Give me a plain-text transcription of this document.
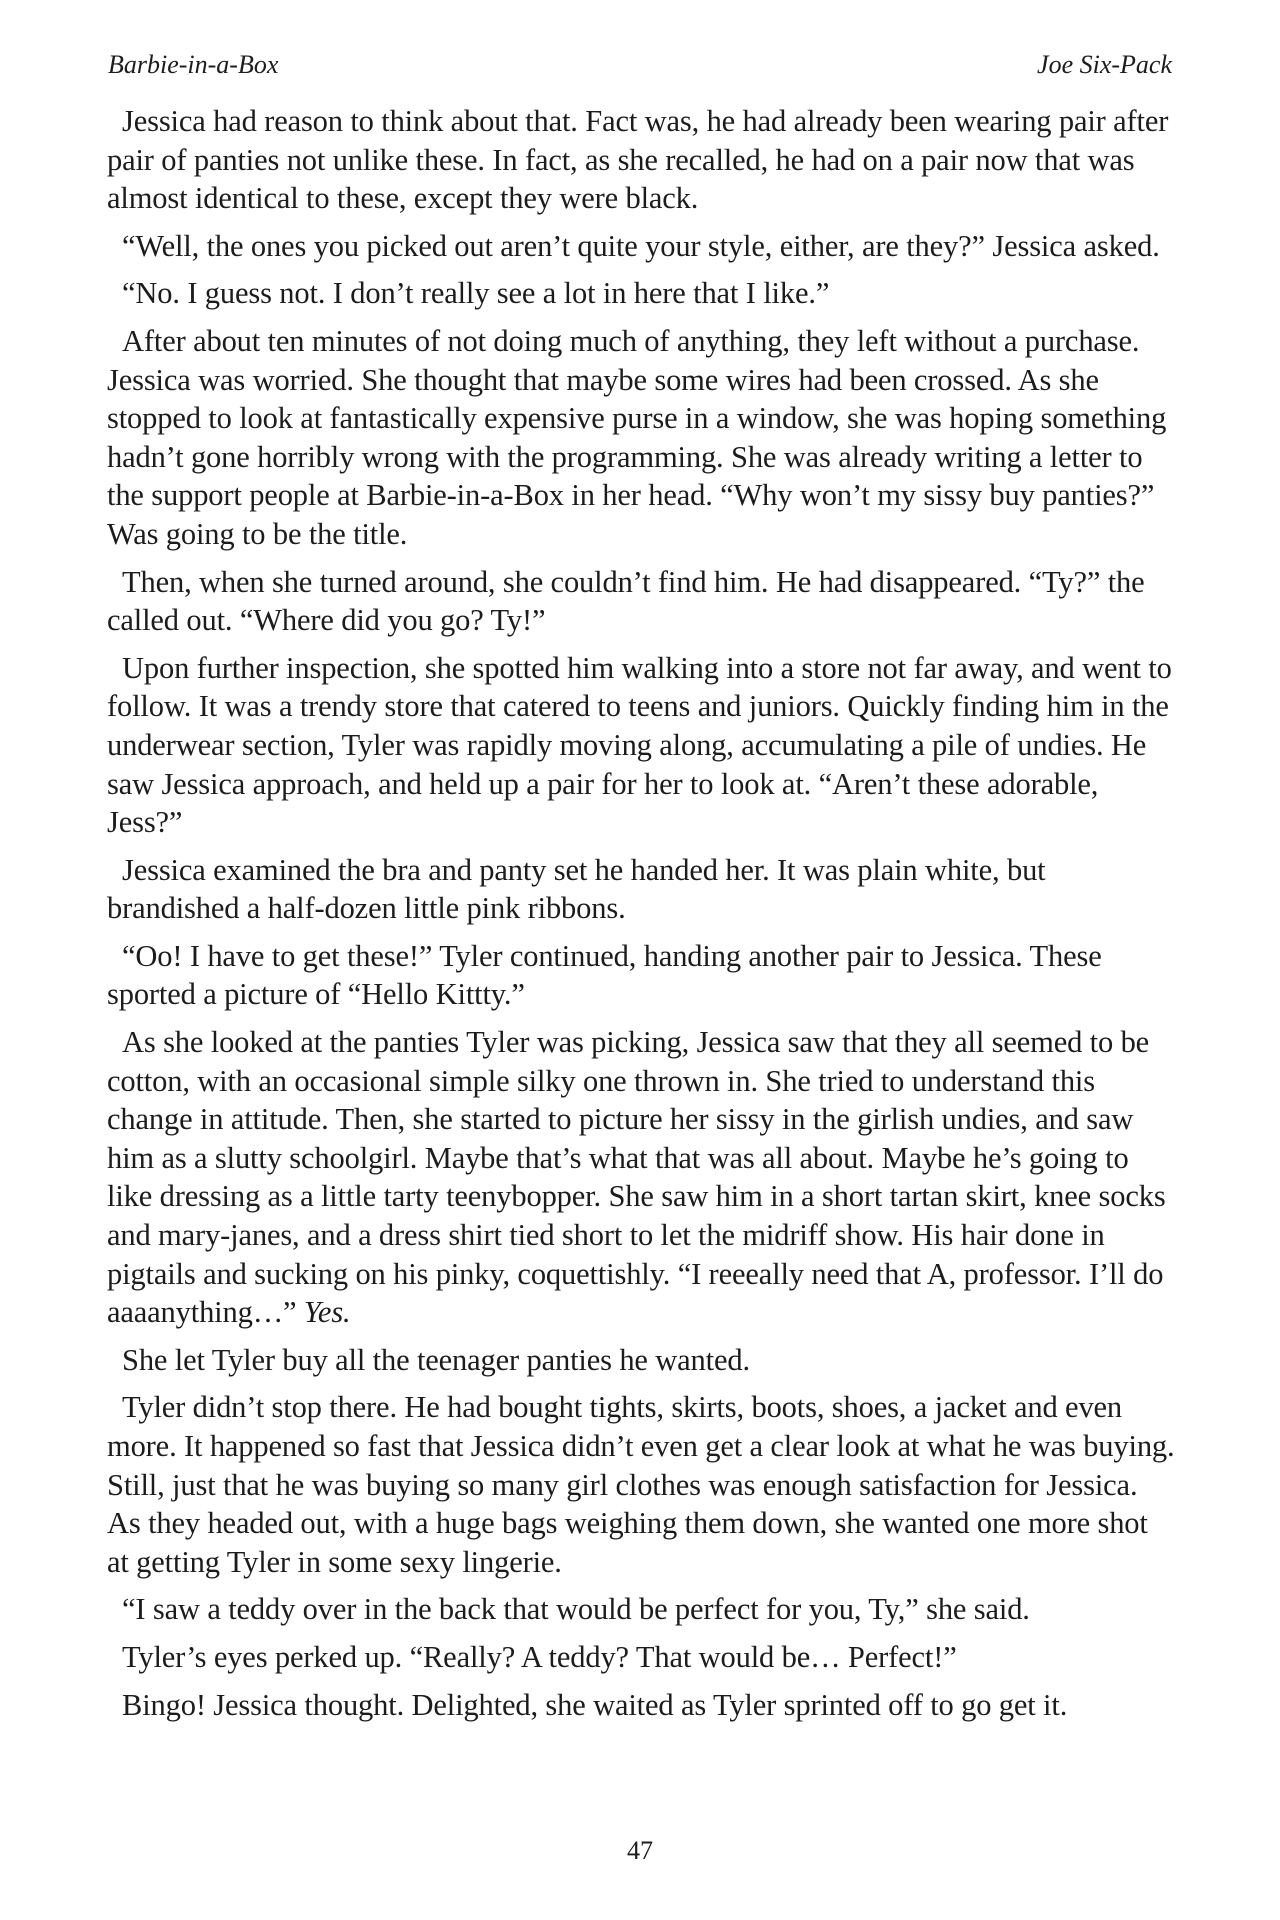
Barbie-in-a-Box	Joe Six-Pack

Jessica had reason to think about that. Fact was, he had already been wearing pair after pair of panties not unlike these. In fact, as she recalled, he had on a pair now that was almost identical to these, except they were black.

“Well, the ones you picked out aren’t quite your style, either, are they?” Jessica asked.

“No. I guess not. I don’t really see a lot in here that I like.”

After about ten minutes of not doing much of anything, they left without a purchase. Jessica was worried. She thought that maybe some wires had been crossed. As she stopped to look at fantastically expensive purse in a window, she was hoping something hadn’t gone horribly wrong with the programming. She was already writing a letter to the support people at Barbie-in-a-Box in her head. “Why won’t my sissy buy panties?” Was going to be the title.

Then, when she turned around, she couldn’t find him. He had disappeared. “Ty?” the called out. “Where did you go? Ty!”

Upon further inspection, she spotted him walking into a store not far away, and went to follow. It was a trendy store that catered to teens and juniors. Quickly finding him in the underwear section, Tyler was rapidly moving along, accumulating a pile of undies. He saw Jessica approach, and held up a pair for her to look at. “Aren’t these adorable, Jess?”

Jessica examined the bra and panty set he handed her. It was plain white, but brandished a half-dozen little pink ribbons.

“Oo! I have to get these!” Tyler continued, handing another pair to Jessica. These sported a picture of “Hello Kittty.”

As she looked at the panties Tyler was picking, Jessica saw that they all seemed to be cotton, with an occasional simple silky one thrown in. She tried to understand this change in attitude. Then, she started to picture her sissy in the girlish undies, and saw him as a slutty schoolgirl. Maybe that’s what that was all about. Maybe he’s going to like dressing as a little tarty teenybopper. She saw him in a short tartan skirt, knee socks and mary-janes, and a dress shirt tied short to let the midriff show. His hair done in pigtails and sucking on his pinky, coquettishly. “I reeeally need that A, professor. I’ll do aaaanything…” Yes.

She let Tyler buy all the teenager panties he wanted.

Tyler didn’t stop there. He had bought tights, skirts, boots, shoes, a jacket and even more. It happened so fast that Jessica didn’t even get a clear look at what he was buying. Still, just that he was buying so many girl clothes was enough satisfaction for Jessica. As they headed out, with a huge bags weighing them down, she wanted one more shot at getting Tyler in some sexy lingerie.

“I saw a teddy over in the back that would be perfect for you, Ty,” she said.

Tyler’s eyes perked up. “Really? A teddy? That would be… Perfect!”

Bingo! Jessica thought. Delighted, she waited as Tyler sprinted off to go get it.

47
